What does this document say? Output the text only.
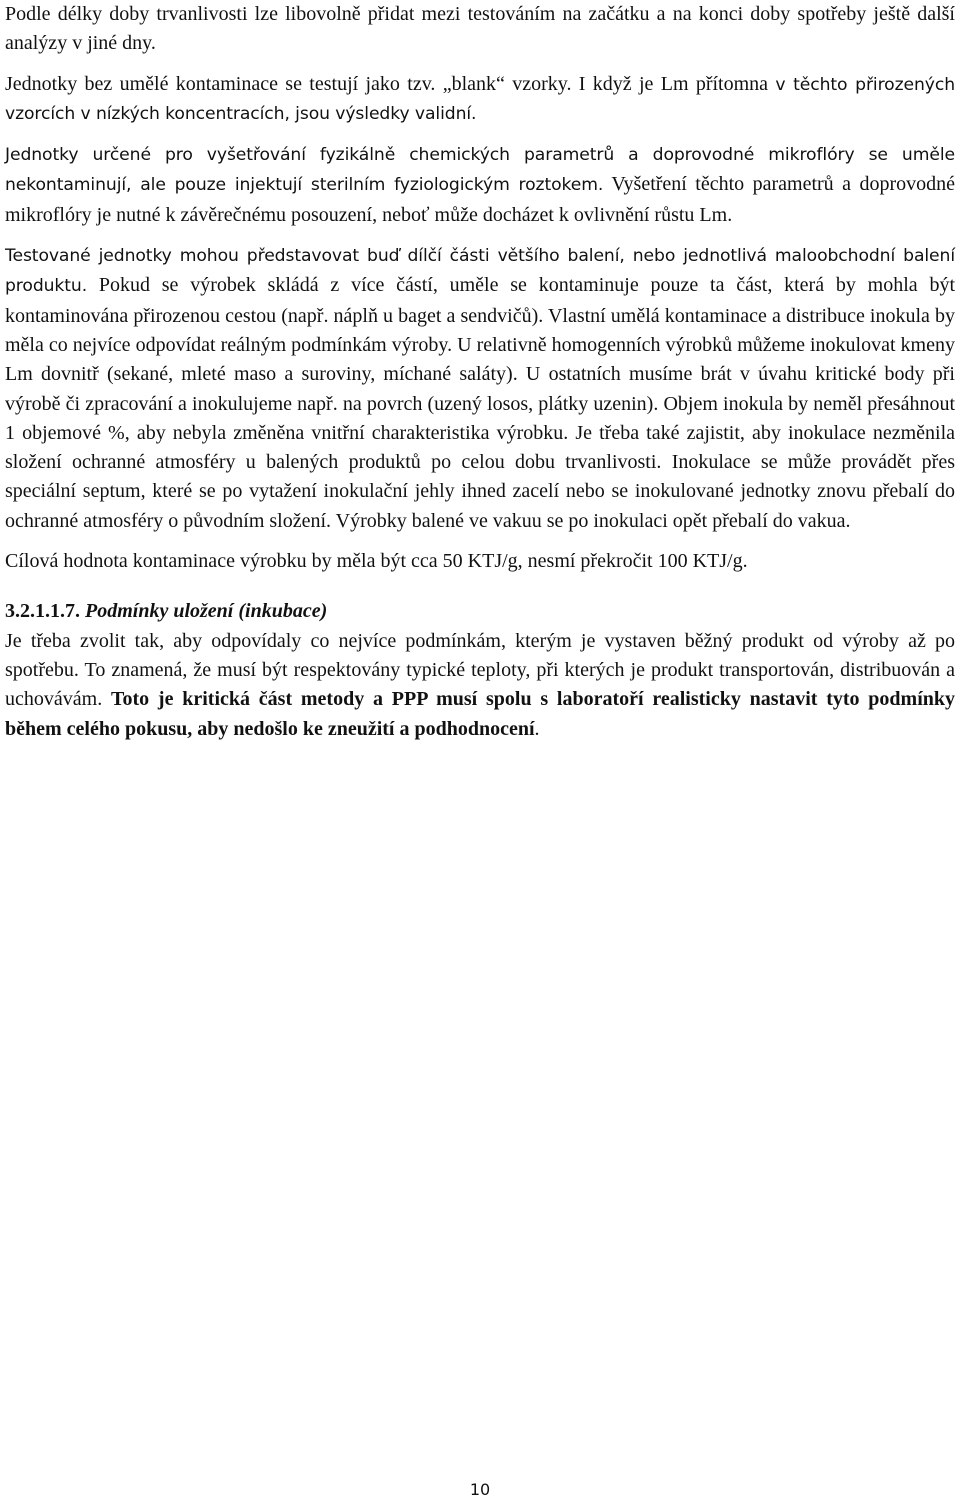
Podle délky doby trvanlivosti lze libovolně přidat mezi testováním na začátku a na konci doby spotřeby ještě další analýzy v jiné dny.

Jednotky bez umělé kontaminace se testují jako tzv. „blank“ vzorky. I když je Lm přítomna v těchto přirozených vzorcích v nízkých koncentracích, jsou výsledky validní.

Jednotky určené pro vyšetřování fyzikálně chemických parametrů a doprovodné mikroflóry se uměle nekontaminují, ale pouze injektují sterilním fyziologickým roztokem. Vyšetření těchto parametrů a doprovodné mikroflóry je nutné k závěrečnému posouzení, neboť může docházet k ovlivnění růstu Lm.

Testované jednotky mohou představovat buď dílčí části většího balení, nebo jednotlivá maloobchodní balení produktu. Pokud se výrobek skládá z více částí, uměle se kontaminuje pouze ta část, která by mohla být kontaminována přirozenou cestou (např. náplň u baget a sendvičů). Vlastní umělá kontaminace a distribuce inokula by měla co nejvíce odpovídat reálným podmínkám výroby. U relativně homogenních výrobků můžeme inokulovat kmeny Lm dovnitř (sekané, mleté maso a suroviny, míchané saláty). U ostatních musíme brát v úvahu kritické body při výrobě či zpracování a inokulujeme např. na povrch (uzený losos, plátky uzenin). Objem inokula by neměl přesáhnout 1 objemové %, aby nebyla změněna vnitřní charakteristika výrobku. Je třeba také zajistit, aby inokulace nezměnila složení ochranné atmosféry u balených produktů po celou dobu trvanlivosti. Inokulace se může provádět přes speciální septum, které se po vytažení inokulační jehly ihned zacelí nebo se inokulované jednotky znovu přebalí do ochranné atmosféry o původním složení. Výrobky balené ve vakuu se po inokulaci opět přebalí do vakua.

Cílová hodnota kontaminace výrobku by měla být cca 50 KTJ/g, nesmí překročit 100 KTJ/g.

3.2.1.1.7. Podmínky uložení (inkubace)

Je třeba zvolit tak, aby odpovídaly co nejvíce podmínkám, kterým je vystaven běžný produkt od výroby až po spotřebu. To znamená, že musí být respektovány typické teploty, při kterých je produkt transportován, distribuován a uchovávám. Toto je kritická část metody a PPP musí spolu s laboratoří realisticky nastavit tyto podmínky během celého pokusu, aby nedošlo ke zneužití a podhodnocení.

10
